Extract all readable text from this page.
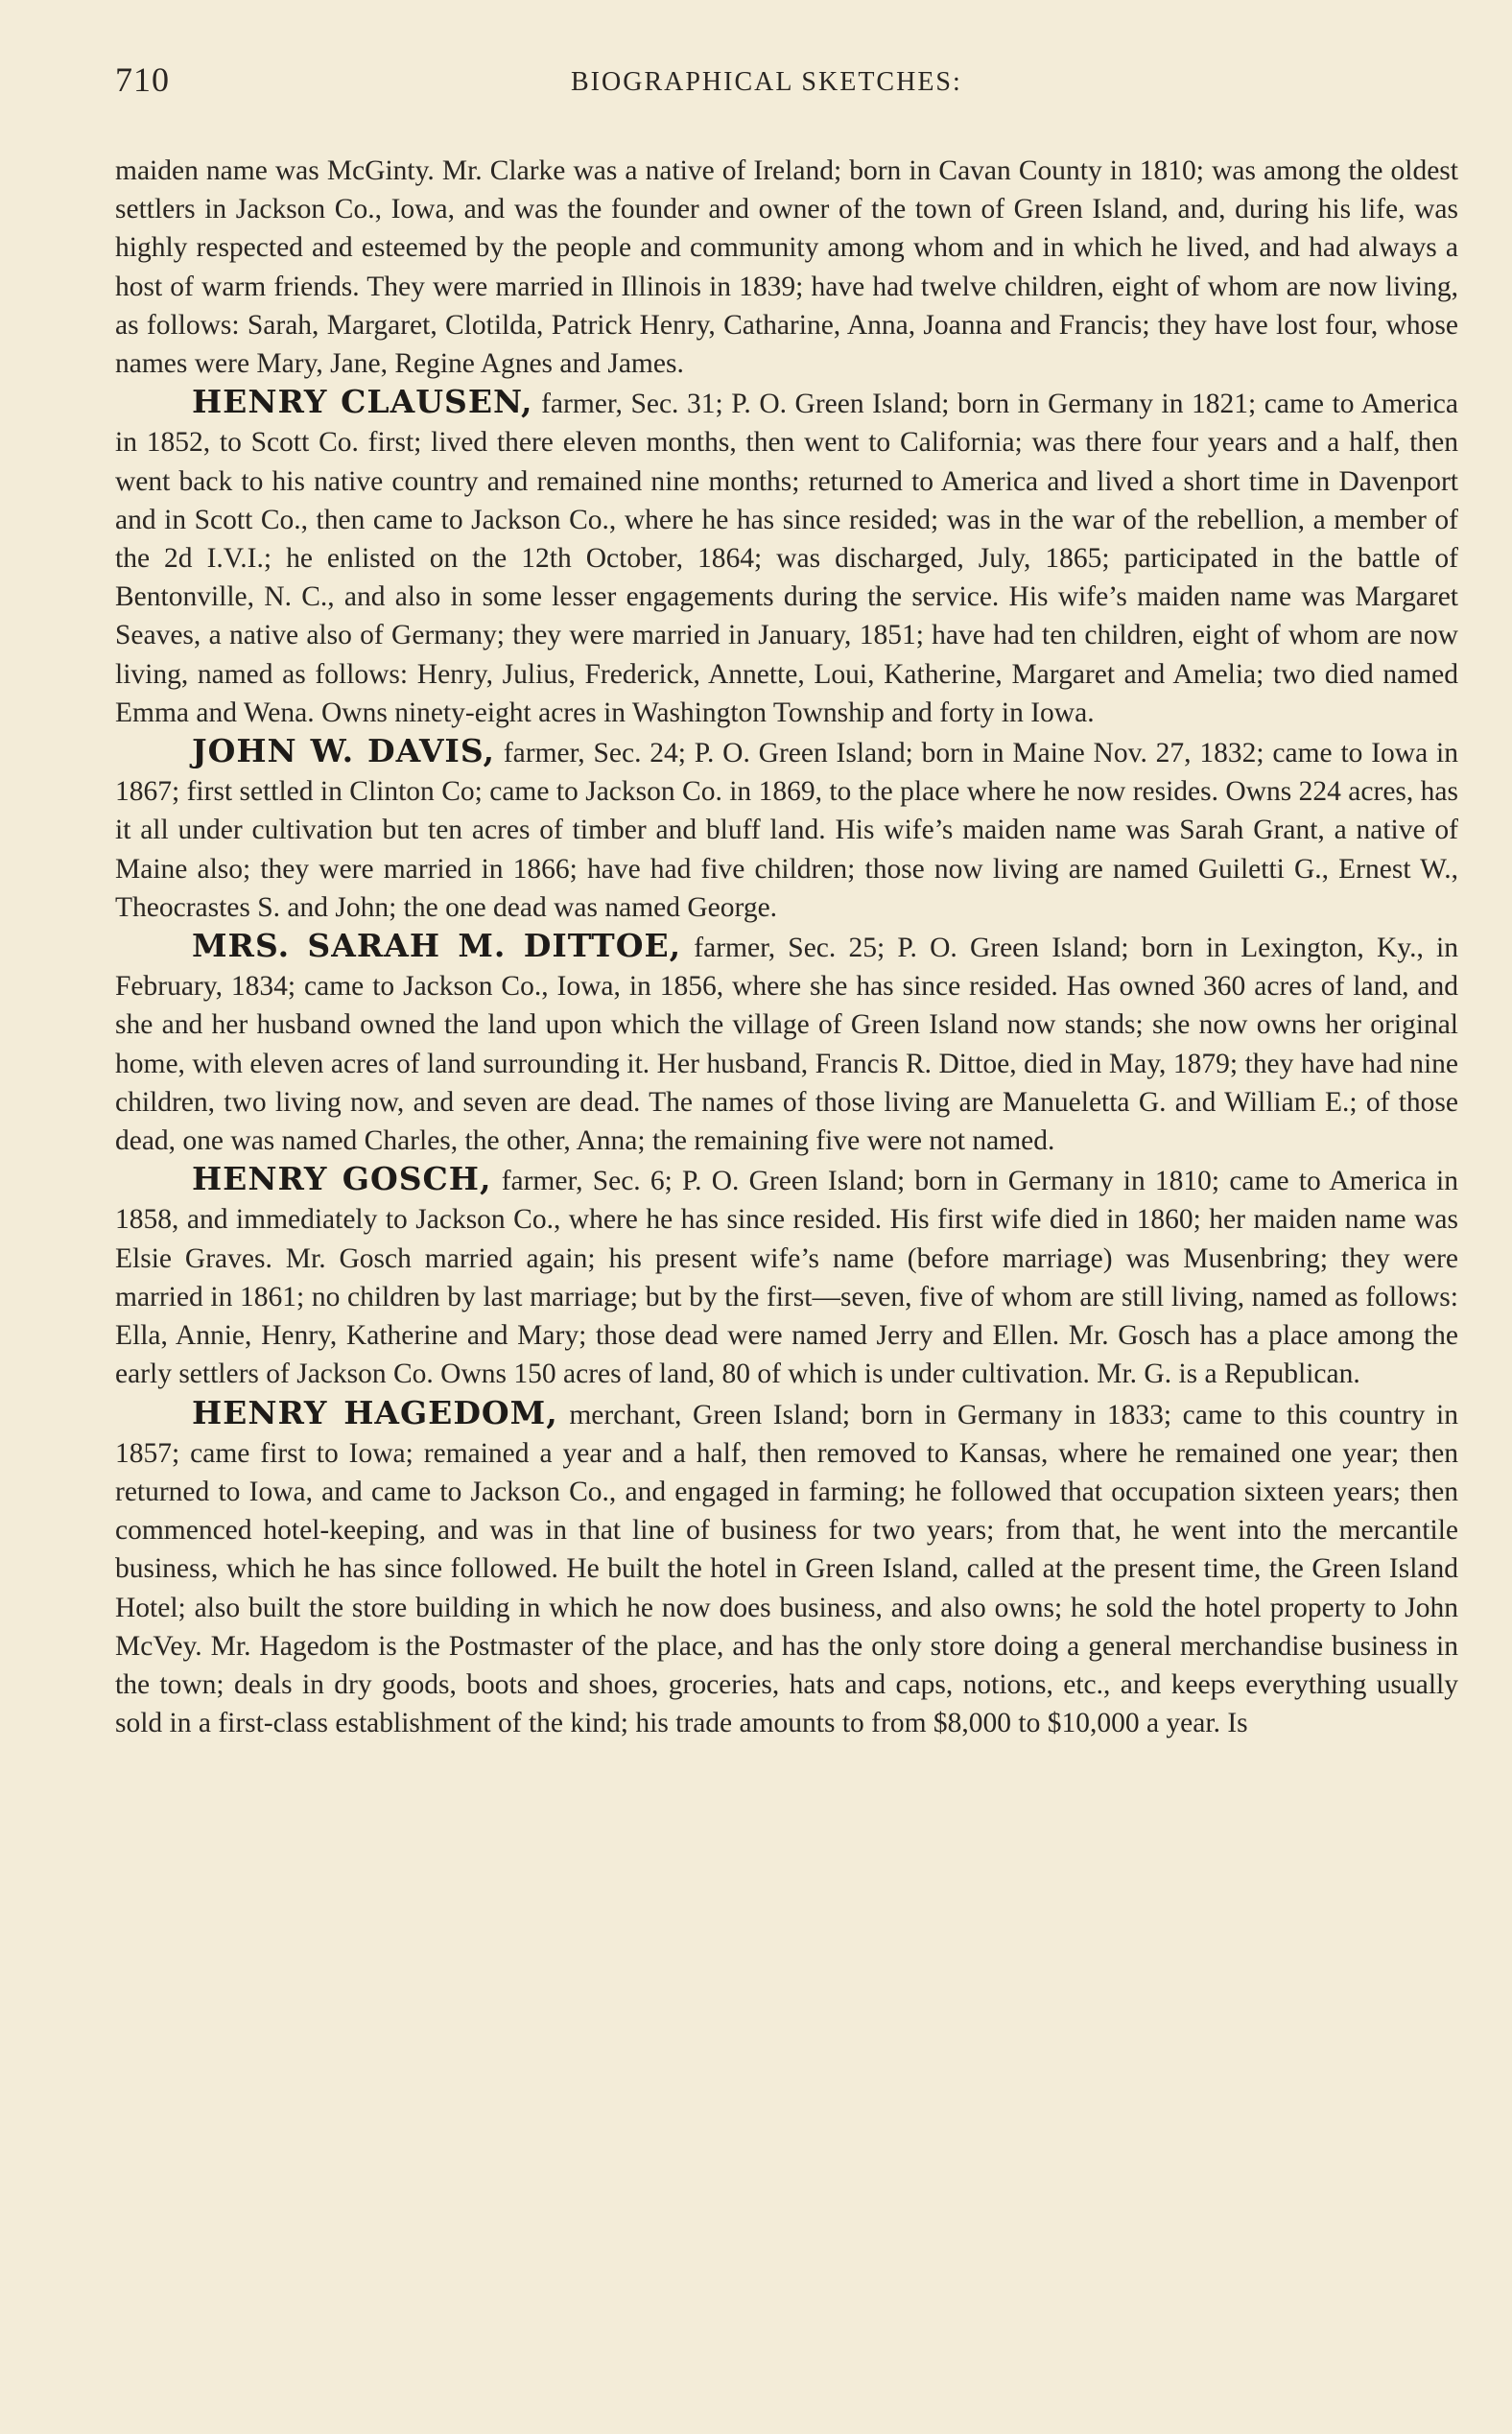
710	BIOGRAPHICAL SKETCHES:

maiden name was McGinty. Mr. Clarke was a native of Ireland; born in Cavan County in 1810; was among the oldest settlers in Jackson Co., Iowa, and was the founder and owner of the town of Green Island, and, during his life, was highly respected and esteemed by the people and community among whom and in which he lived, and had always a host of warm friends. They were married in Illinois in 1839; have had twelve children, eight of whom are now living, as follows: Sarah, Margaret, Clotilda, Patrick Henry, Catharine, Anna, Joanna and Francis; they have lost four, whose names were Mary, Jane, Regine Agnes and James.

HENRY CLAUSEN, farmer, Sec. 31; P. O. Green Island; born in Germany in 1821; came to America in 1852, to Scott Co. first; lived there eleven months, then went to California; was there four years and a half, then went back to his native country and remained nine months; returned to America and lived a short time in Davenport and in Scott Co., then came to Jackson Co., where he has since resided; was in the war of the rebellion, a member of the 2d I.V.I.; he enlisted on the 12th October, 1864; was discharged, July, 1865; participated in the battle of Bentonville, N. C., and also in some lesser engagements during the service. His wife’s maiden name was Margaret Seaves, a native also of Germany; they were married in January, 1851; have had ten children, eight of whom are now living, named as follows: Henry, Julius, Frederick, Annette, Loui, Katherine, Margaret and Amelia; two died named Emma and Wena. Owns ninety-eight acres in Washington Township and forty in Iowa.

JOHN W. DAVIS, farmer, Sec. 24; P. O. Green Island; born in Maine Nov. 27, 1832; came to Iowa in 1867; first settled in Clinton Co; came to Jackson Co. in 1869, to the place where he now resides. Owns 224 acres, has it all under cultivation but ten acres of timber and bluff land. His wife’s maiden name was Sarah Grant, a native of Maine also; they were married in 1866; have had five children; those now living are named Guiletti G., Ernest W., Theocrastes S. and John; the one dead was named George.

MRS. SARAH M. DITTOE, farmer, Sec. 25; P. O. Green Island; born in Lexington, Ky., in February, 1834; came to Jackson Co., Iowa, in 1856, where she has since resided. Has owned 360 acres of land, and she and her husband owned the land upon which the village of Green Island now stands; she now owns her original home, with eleven acres of land surrounding it. Her husband, Francis R. Dittoe, died in May, 1879; they have had nine children, two living now, and seven are dead. The names of those living are Manueletta G. and William E.; of those dead, one was named Charles, the other, Anna; the remaining five were not named.

HENRY GOSCH, farmer, Sec. 6; P. O. Green Island; born in Germany in 1810; came to America in 1858, and immediately to Jackson Co., where he has since resided. His first wife died in 1860; her maiden name was Elsie Graves. Mr. Gosch married again; his present wife’s name (before marriage) was Musenbring; they were married in 1861; no children by last marriage; but by the first—seven, five of whom are still living, named as follows: Ella, Annie, Henry, Katherine and Mary; those dead were named Jerry and Ellen. Mr. Gosch has a place among the early settlers of Jackson Co. Owns 150 acres of land, 80 of which is under cultivation. Mr. G. is a Republican.

HENRY HAGEDOM, merchant, Green Island; born in Germany in 1833; came to this country in 1857; came first to Iowa; remained a year and a half, then removed to Kansas, where he remained one year; then returned to Iowa, and came to Jackson Co., and engaged in farming; he followed that occupation sixteen years; then commenced hotel-keeping, and was in that line of business for two years; from that, he went into the mercantile business, which he has since followed. He built the hotel in Green Island, called at the present time, the Green Island Hotel; also built the store building in which he now does business, and also owns; he sold the hotel property to John McVey. Mr. Hagedom is the Postmaster of the place, and has the only store doing a general merchandise business in the town; deals in dry goods, boots and shoes, groceries, hats and caps, notions, etc., and keeps everything usually sold in a first-class establishment of the kind; his trade amounts to from $8,000 to $10,000 a year. Is
